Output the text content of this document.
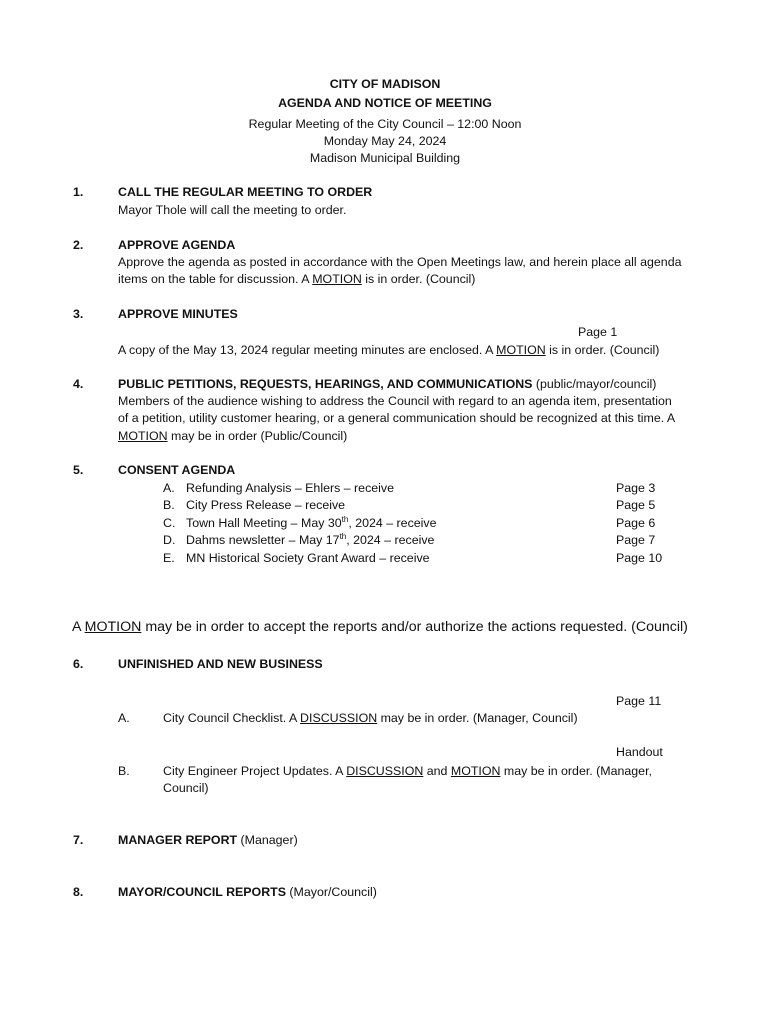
CITY OF MADISON
AGENDA AND NOTICE OF MEETING
Regular Meeting of the City Council – 12:00 Noon
Monday May 24, 2024
Madison Municipal Building
1.	CALL THE REGULAR MEETING TO ORDER
Mayor Thole will call the meeting to order.
2.	APPROVE AGENDA
Approve the agenda as posted in accordance with the Open Meetings law, and herein place all agenda
items on the table for discussion. A MOTION is in order. (Council)
3.	APPROVE MINUTES
Page 1
A copy of the May 13, 2024 regular meeting minutes are enclosed. A MOTION is in order. (Council)
4.	PUBLIC PETITIONS, REQUESTS, HEARINGS, AND COMMUNICATIONS (public/mayor/council)
Members of the audience wishing to address the Council with regard to an agenda item, presentation
of a petition, utility customer hearing, or a general communication should be recognized at this time. A
MOTION may be in order (Public/Council)
5.	CONSENT AGENDA
A. Refunding Analysis – Ehlers – receive	Page 3
B. City Press Release – receive	Page 5
C. Town Hall Meeting – May 30th, 2024 – receive	Page 6
D. Dahms newsletter – May 17th, 2024 – receive	Page 7
E. MN Historical Society Grant Award – receive	Page 10
A MOTION may be in order to accept the reports and/or authorize the actions requested. (Council)
6.	UNFINISHED AND NEW BUSINESS
Page 11
A.	City Council Checklist. A DISCUSSION may be in order. (Manager, Council)
Handout
B.	City Engineer Project Updates. A DISCUSSION and MOTION may be in order. (Manager,
Council)
7.	MANAGER REPORT (Manager)
8.	MAYOR/COUNCIL REPORTS (Mayor/Council)
